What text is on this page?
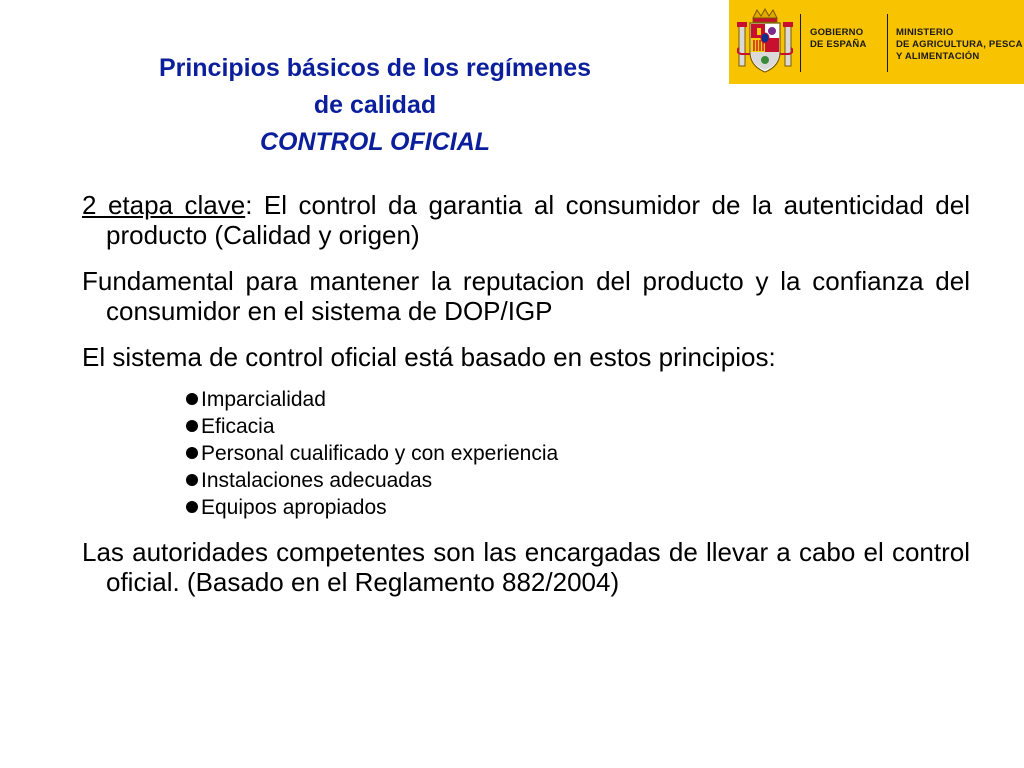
GOBIERNO
DE ESPAÑA
MINISTERIO
DE AGRICULTURA, PESCA
Y ALIMENTACIÓN
Principios básicos de los regímenes
de calidad
CONTROL OFICIAL

2 etapa clave: El control da garantia al consumidor de la autenticidad del producto (Calidad y origen)

Fundamental para mantener la reputacion del producto y la confianza del consumidor en el sistema de DOP/IGP

El sistema de control oficial está basado en estos principios:

Imparcialidad
Eficacia
Personal cualificado y con experiencia
Instalaciones adecuadas
Equipos apropiados

Las autoridades competentes son las encargadas de llevar a cabo el control oficial. (Basado en el Reglamento 882/2004)
